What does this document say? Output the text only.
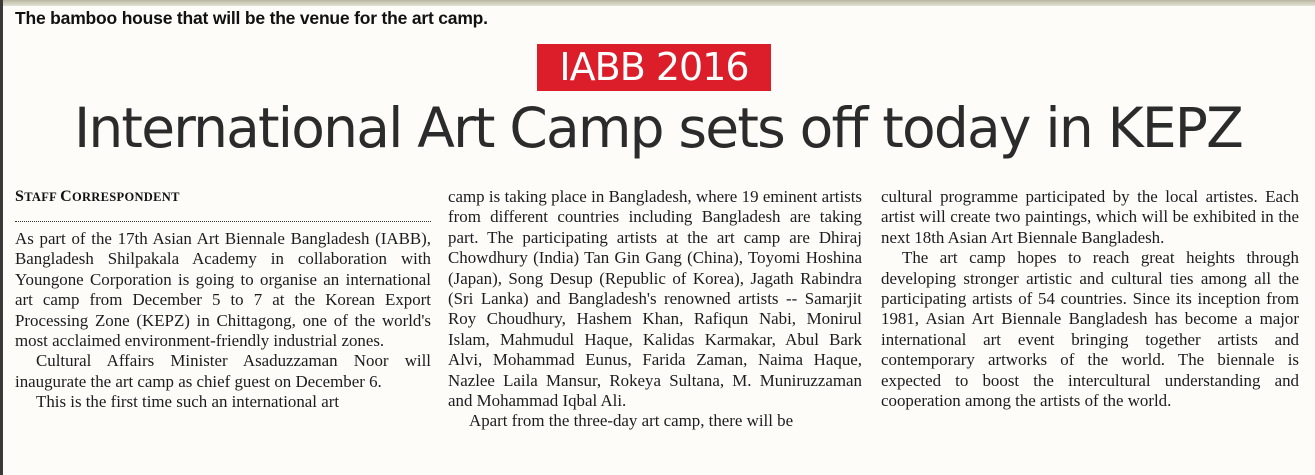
The bamboo house that will be the venue for the art camp.

IABB 2016
International Art Camp sets off today in KEPZ
STAFF CORRESPONDENT

As part of the 17th Asian Art Biennale Bangladesh (IABB), Bangladesh Shilpakala Academy in collaboration with Youngone Corporation is going to organise an international art camp from December 5 to 7 at the Korean Export Processing Zone (KEPZ) in Chittagong, one of the world's most acclaimed environment-friendly industrial zones.

Cultural Affairs Minister Asaduzzaman Noor will inaugurate the art camp as chief guest on December 6.

This is the first time such an international art

camp is taking place in Bangladesh, where 19 eminent artists from different countries including Bangladesh are taking part. The participating artists at the art camp are Dhiraj Chowdhury (India) Tan Gin Gang (China), Toyomi Hoshina (Japan), Song Desup (Republic of Korea), Jagath Rabindra (Sri Lanka) and Bangladesh's renowned artists -- Samarjit Roy Choudhury, Hashem Khan, Rafiqun Nabi, Monirul Islam, Mahmudul Haque, Kalidas Karmakar, Abul Bark Alvi, Mohammad Eunus, Farida Zaman, Naima Haque, Nazlee Laila Mansur, Rokeya Sultana, M. Muniruzzaman and Mohammad Iqbal Ali.

Apart from the three-day art camp, there will be

cultural programme participated by the local artistes. Each artist will create two paintings, which will be exhibited in the next 18th Asian Art Biennale Bangladesh.

The art camp hopes to reach great heights through developing stronger artistic and cultural ties among all the participating artists of 54 countries. Since its inception from 1981, Asian Art Biennale Bangladesh has become a major international art event bringing together artists and contemporary artworks of the world. The biennale is expected to boost the intercultural understanding and cooperation among the artists of the world.
